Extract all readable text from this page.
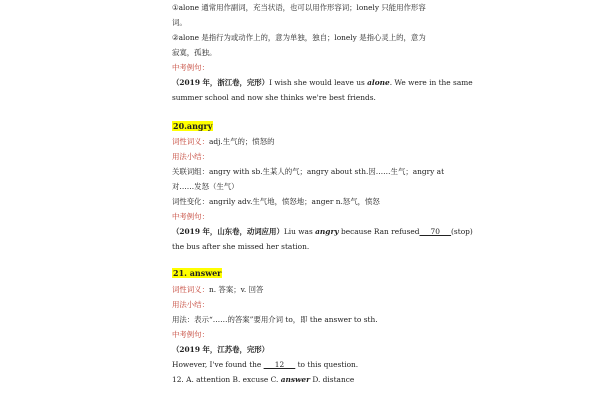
①alone 通常用作副词，充当状语，也可以用作形容词；lonely 只能用作形容
词。
②alone 是指行为或动作上的，意为单独，独自；lonely 是指心灵上的，意为
寂寞，孤独。
中考例句：
（2019 年，浙江卷，完形）I wish she would leave us alone. We were in the same
summer school and now she thinks we're best friends.
20.angry
词性词义：adj.生气的；愤怒的
用法小结：
关联词组：angry with sb.生某人的气；angry about sth.因……生气；angry at
对……发怒（生气）
词性变化：angrily adv.生气地，愤怒地；anger n.怒气，愤怒
中考例句：
（2019 年，山东卷，动词应用）Liu was angry because Ran refused___70___(stop)
the bus after she missed her station.
21. answer
词性词义：n. 答案；v. 回答
用法小结：
用法：表示“……的答案”要用介词 to，即 the answer to sth.
中考例句：
（2019 年，江苏卷，完形）
However, I've found the ___12___ to this question.
12. A. attention B. excuse C. answer D. distance
